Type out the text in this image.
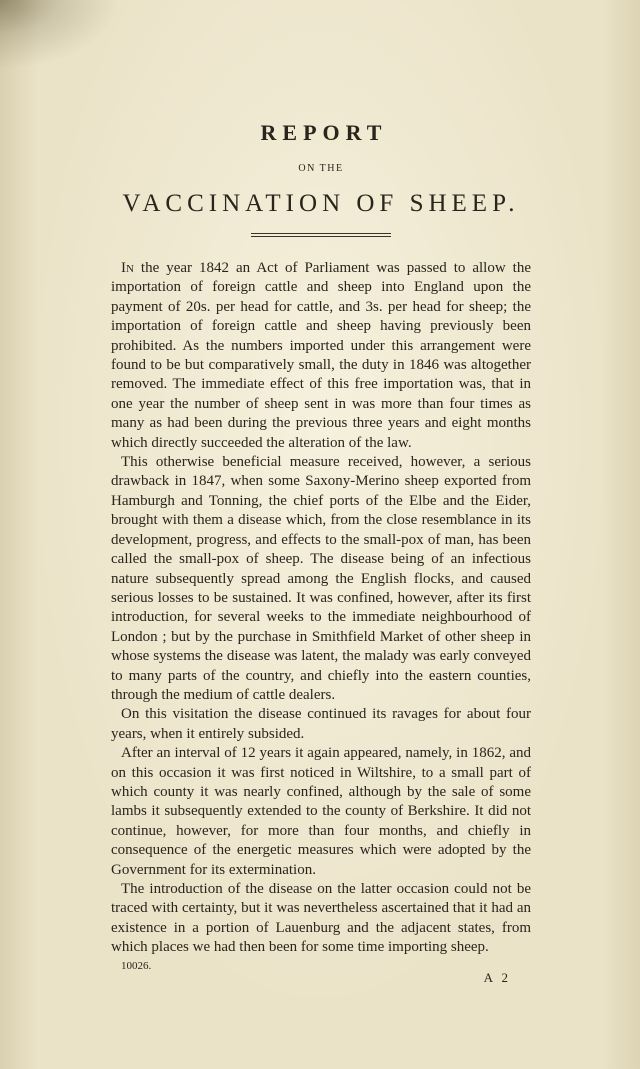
REPORT
ON THE
VACCINATION OF SHEEP.

In the year 1842 an Act of Parliament was passed to allow the importation of foreign cattle and sheep into England upon the payment of 20s. per head for cattle, and 3s. per head for sheep; the importation of foreign cattle and sheep having previously been prohibited. As the numbers imported under this arrangement were found to be but comparatively small, the duty in 1846 was altogether removed. The immediate effect of this free importation was, that in one year the number of sheep sent in was more than four times as many as had been during the previous three years and eight months which directly succeeded the alteration of the law.

This otherwise beneficial measure received, however, a serious drawback in 1847, when some Saxony-Merino sheep exported from Hamburgh and Tonning, the chief ports of the Elbe and the Eider, brought with them a disease which, from the close resemblance in its development, progress, and effects to the small-pox of man, has been called the small-pox of sheep. The disease being of an infectious nature subsequently spread among the English flocks, and caused serious losses to be sustained. It was confined, however, after its first introduction, for several weeks to the immediate neighbourhood of London ; but by the purchase in Smithfield Market of other sheep in whose systems the disease was latent, the malady was early conveyed to many parts of the country, and chiefly into the eastern counties, through the medium of cattle dealers.

On this visitation the disease continued its ravages for about four years, when it entirely subsided.

After an interval of 12 years it again appeared, namely, in 1862, and on this occasion it was first noticed in Wiltshire, to a small part of which county it was nearly confined, although by the sale of some lambs it subsequently extended to the county of Berkshire. It did not continue, however, for more than four months, and chiefly in consequence of the energetic measures which were adopted by the Government for its extermination.

The introduction of the disease on the latter occasion could not be traced with certainty, but it was nevertheless ascertained that it had an existence in a portion of Lauenburg and the adjacent states, from which places we had then been for some time importing sheep.

10026.
A 2
